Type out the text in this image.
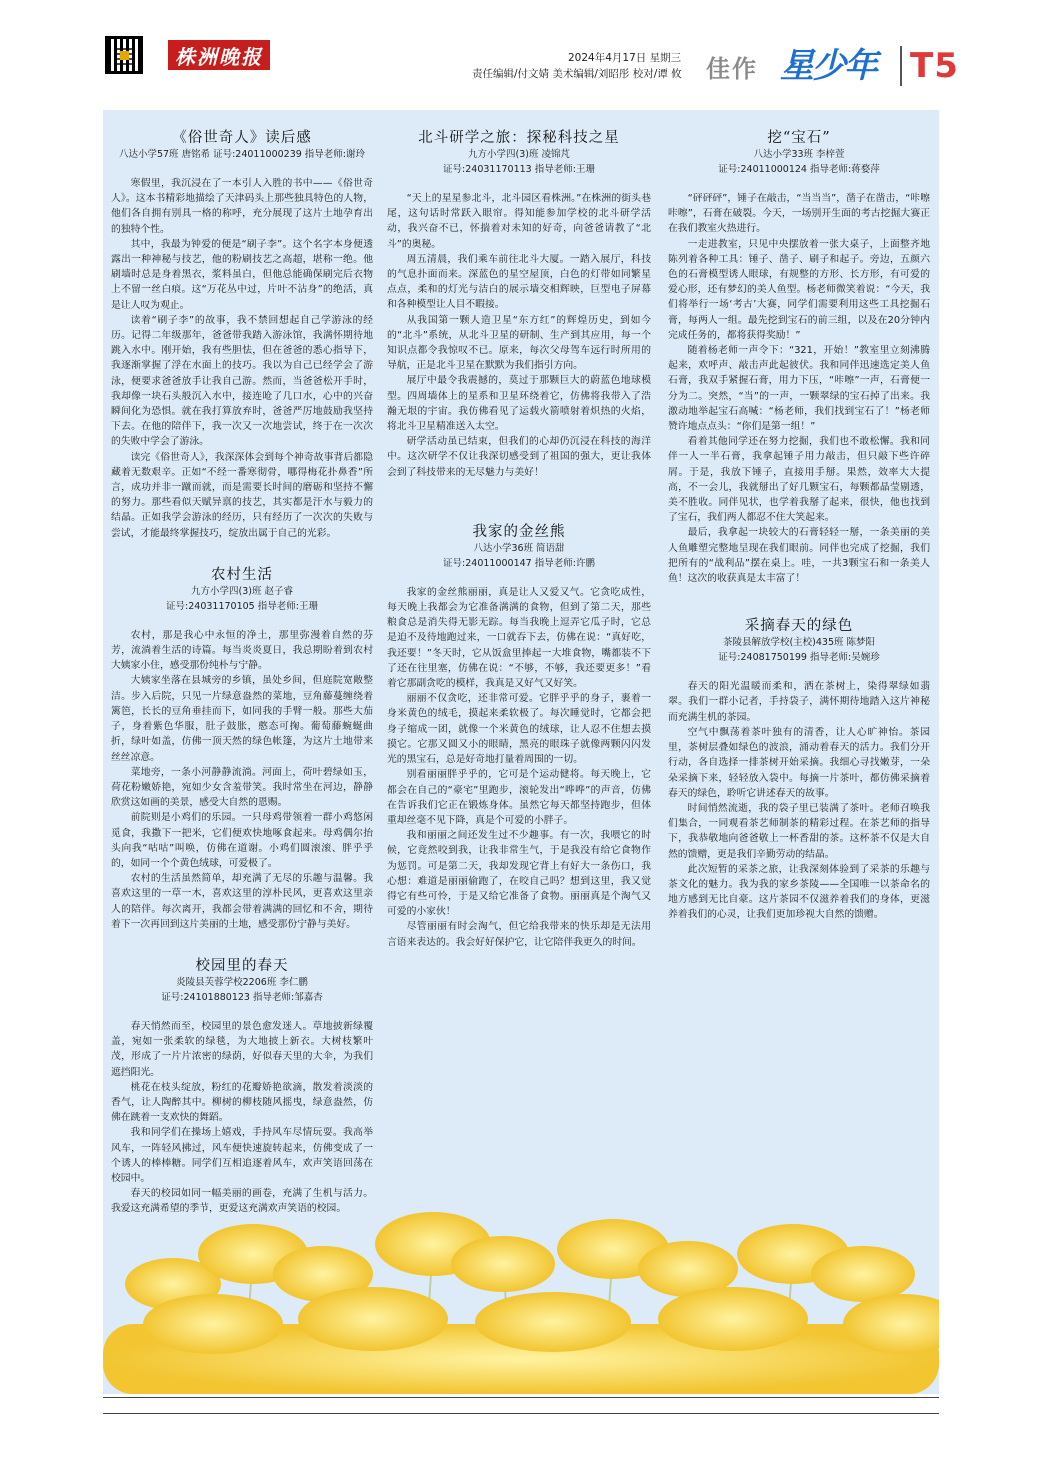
株洲晚报	2024年4月17日 星期三
责任编辑/付文婧 美术编辑/刘昭彤 校对/谭 攸 佳作 星少年 T5
《俗世奇人》读后感
八达小学57班 唐铭希 证号:24011000239 指导老师:谢玲

寒假里，我沉浸在了一本引人入胜的书中——《俗世奇人》。这本书精彩地描绘了天津码头上那些独具特色的人物，他们各自拥有别具一格的称呼，充分展现了这片土地孕育出的独特个性。

其中，我最为钟爱的便是“刷子李”。这个名字本身便透露出一种神秘与技艺，他的粉刷技艺之高超，堪称一绝。他刷墙时总是身着黑衣，浆料虽白，但他总能确保刷完后衣物上不留一丝白痕。这“万花丛中过，片叶不沾身”的绝活，真是让人叹为观止。

读着“刷子李”的故事，我不禁回想起自己学游泳的经历。记得二年级那年，爸爸带我踏入游泳馆，我满怀期待地跳入水中。刚开始，我有些胆怯，但在爸爸的悉心指导下，我逐渐掌握了浮在水面上的技巧。我以为自己已经学会了游泳，便要求爸爸放手让我自己游。然而，当爸爸松开手时，我却像一块石头般沉入水中，接连呛了几口水，心中的兴奋瞬间化为恐惧。就在我打算放弃时，爸爸严厉地鼓励我坚持下去。在他的陪伴下，我一次又一次地尝试，终于在一次次的失败中学会了游泳。

读完《俗世奇人》，我深深体会到每个神奇故事背后都隐藏着无数艰辛。正如“不经一番寒彻骨，哪得梅花扑鼻香”所言，成功并非一蹴而就，而是需要长时间的磨砺和坚持不懈的努力。那些看似天赋异禀的技艺，其实都是汗水与毅力的结晶。正如我学会游泳的经历，只有经历了一次次的失败与尝试，才能最终掌握技巧，绽放出属于自己的光彩。

农村生活
九方小学四(3)班 赵子睿
证号:24031170105 指导老师:王珊

农村，那是我心中永恒的净土，那里弥漫着自然的芬芳，流淌着生活的诗篇。每当炎炎夏日，我总期盼着到农村大姨家小住，感受那份纯朴与宁静。

大姨家坐落在县城旁的乡镇，虽处乡间，但庭院宽敞整洁。步入后院，只见一片绿意盎然的菜地，豆角藤蔓缠绕着篱笆，长长的豆角垂挂而下，如同我的手臂一般。那些大茄子，身着紫色华服，肚子鼓胀，憨态可掬。葡萄藤蜿蜒曲折，绿叶如盖，仿佛一顶天然的绿色帐篷，为这片土地带来丝丝凉意。

菜地旁，一条小河静静流淌。河面上，荷叶碧绿如玉，荷花粉嫩娇艳，宛如少女含羞带笑。我时常坐在河边，静静欣赏这如画的美景，感受大自然的恩赐。

前院则是小鸡们的乐园。一只母鸡带领着一群小鸡悠闲觅食，我撒下一把米，它们便欢快地啄食起来。母鸡偶尔抬头向我“咕咕”叫唤，仿佛在道谢。小鸡们圆滚滚、胖乎乎的，如同一个个黄色绒球，可爱极了。

农村的生活虽然简单，却充满了无尽的乐趣与温馨。我喜欢这里的一草一木，喜欢这里的淳朴民风，更喜欢这里亲人的陪伴。每次离开，我都会带着满满的回忆和不舍，期待着下一次再回到这片美丽的土地，感受那份宁静与美好。

校园里的春天
炎陵县芙蓉学校2206班 李仁鹏
证号:24101880123 指导老师:邹嘉杏

春天悄然而至，校园里的景色愈发迷人。草地披新绿覆盖，宛如一张柔软的绿毯，为大地披上新衣。大树枝繁叶茂，形成了一片片浓密的绿荫，好似春天里的大伞，为我们遮挡阳光。

桃花在枝头绽放，粉红的花瓣娇艳欲滴，散发着淡淡的香气，让人陶醉其中。柳树的柳枝随风摇曳，绿意盎然，仿佛在跳着一支欢快的舞蹈。

我和同学们在操场上嬉戏，手持风车尽情玩耍。我高举风车，一阵轻风拂过，风车便快速旋转起来，仿佛变成了一个诱人的棒棒糖。同学们互相追逐着风车，欢声笑语回荡在校园中。

春天的校园如同一幅美丽的画卷，充满了生机与活力。我爱这充满希望的季节，更爱这充满欢声笑语的校园。

北斗研学之旅：探秘科技之星
九方小学四(3)班 凌锦芃
证号:24031170113 指导老师:王珊

“天上的星星参北斗，北斗园区看株洲。”在株洲的街头巷尾，这句话时常跃入眼帘。得知能参加学校的北斗研学活动，我兴奋不已，怀揣着对未知的好奇，向爸爸请教了“北斗”的奥秘。

周五清晨，我们乘车前往北斗大厦。一踏入展厅，科技的气息扑面而来。深蓝色的星空屋顶，白色的灯带如同繁星点点，柔和的灯光与洁白的展示墙交相辉映，巨型电子屏幕和各种模型让人目不暇接。

从我国第一颗人造卫星“东方红”的辉煌历史，到如今的“北斗”系统，从北斗卫星的研制、生产到其应用，每一个知识点都令我惊叹不已。原来，每次父母驾车远行时所用的导航，正是北斗卫星在默默为我们指引方向。

展厅中最令我震撼的，莫过于那颗巨大的蔚蓝色地球模型。四周墙体上的星系和卫星环绕着它，仿佛将我带入了浩瀚无垠的宇宙。我仿佛看见了运载火箭喷射着炽热的火焰，将北斗卫星精准送入太空。

研学活动虽已结束，但我们的心却仍沉浸在科技的海洋中。这次研学不仅让我深切感受到了祖国的强大，更让我体会到了科技带来的无尽魅力与美好！

我家的金丝熊
八达小学36班 简语甜
证号:24011000147 指导老师:许鹏

我家的金丝熊丽丽，真是让人又爱又气。它贪吃成性，每天晚上我都会为它准备满满的食物，但到了第二天，那些粮食总是消失得无影无踪。每当我晚上逗弄它瓜子时，它总是迫不及待地跑过来，一口就吞下去，仿佛在说：“真好吃，我还要！”冬天时，它从饭盒里捧起一大堆食物，嘴都装不下了还在往里塞，仿佛在说：“不够，不够，我还要更多！”看着它那副贪吃的模样，我真是又好气又好笑。

丽丽不仅贪吃，还非常可爱。它胖乎乎的身子，裹着一身米黄色的绒毛，摸起来柔软极了。每次睡觉时，它都会把身子缩成一团，就像一个米黄色的绒球，让人忍不住想去摸摸它。它那又圆又小的眼睛，黑亮的眼珠子就像两颗闪闪发光的黑宝石，总是好奇地打量着周围的一切。

别看丽丽胖乎乎的，它可是个运动健将。每天晚上，它都会在自己的“豪宅”里跑步，滚轮发出“哗哗”的声音，仿佛在告诉我们它正在锻炼身体。虽然它每天都坚持跑步，但体重却丝毫不见下降，真是个可爱的小胖子。

我和丽丽之间还发生过不少趣事。有一次，我喂它的时候，它竟然咬到我，让我非常生气，于是我没有给它食物作为惩罚。可是第二天，我却发现它背上有好大一条伤口，我心想：难道是丽丽偷跑了，在咬自己吗？想到这里，我又觉得它有些可怜，于是又给它准备了食物。丽丽真是个淘气又可爱的小家伙！

尽管丽丽有时会淘气，但它给我带来的快乐却是无法用言语来表达的。我会好好保护它，让它陪伴我更久的时间。

挖“宝石”
八达小学33班 李梓萱
证号:24011000124 指导老师:蒋婺萍

“砰砰砰”，锤子在敲击，“当当当”，凿子在凿击，“咔嚓咔嚓”，石膏在破裂。今天，一场别开生面的考古挖掘大赛正在我们教室火热进行。

一走进教室，只见中央摆放着一张大桌子，上面整齐地陈列着各种工具：锤子、凿子、刷子和起子。旁边，五颜六色的石膏模型诱人眼球，有规整的方形、长方形，有可爱的爱心形，还有梦幻的美人鱼型。杨老师微笑着说：“今天，我们将举行一场‘考古’大赛，同学们需要利用这些工具挖掘石膏，每两人一组。最先挖到宝石的前三组，以及在20分钟内完成任务的，都将获得奖励！”

随着杨老师一声令下：“321，开始！”教室里立刻沸腾起来，欢呼声、敲击声此起彼伏。我和同伴迅速选定美人鱼石膏，我双手紧握石膏，用力下压，“咔嚓”一声，石膏便一分为二。突然，“当”的一声，一颗翠绿的宝石掉了出来。我激动地举起宝石高喊：“杨老师，我们找到宝石了！”杨老师赞许地点点头：“你们是第一组！”

看着其他同学还在努力挖掘，我们也不敢松懈。我和同伴一人一半石膏，我拿起锤子用力敲击，但只敲下些许碎屑。于是，我放下锤子，直接用手掰。果然，效率大大提高，不一会儿，我就掰出了好几颗宝石，每颗都晶莹剔透，美不胜收。同伴见状，也学着我掰了起来，很快，他也找到了宝石，我们两人都忍不住大笑起来。

最后，我拿起一块较大的石膏轻轻一掰，一条美丽的美人鱼雕塑完整地呈现在我们眼前。同伴也完成了挖掘，我们把所有的“战利品”摆在桌上。哇，一共3颗宝石和一条美人鱼！这次的收获真是太丰富了！

采摘春天的绿色
茶陵县解放学校(主校)435班 陈梦阳
证号:24081750199 指导老师:吴婉珍

春天的阳光温暖而柔和，洒在茶树上，染得翠绿如翡翠。我们一群小记者，手持袋子，满怀期待地踏入这片神秘而充满生机的茶园。

空气中飘荡着茶叶独有的清香，让人心旷神怡。茶园里，茶树层叠如绿色的波浪，涌动着春天的活力。我们分开行动，各自选择一排茶树开始采摘。我细心寻找嫩芽，一朵朵采摘下来，轻轻放入袋中。每摘一片茶叶，都仿佛采摘着春天的绿色，聆听它讲述春天的故事。

时间悄然流逝，我的袋子里已装满了茶叶。老师召唤我们集合，一同观看茶艺师制茶的精彩过程。在茶艺师的指导下，我恭敬地向爸爸敬上一杯香甜的茶。这杯茶不仅是大自然的馈赠，更是我们辛勤劳动的结晶。

此次短暂的采茶之旅，让我深刻体验到了采茶的乐趣与茶文化的魅力。我为我的家乡茶陵——全国唯一以茶命名的地方感到无比自豪。这片茶园不仅滋养着我们的身体，更滋养着我们的心灵，让我们更加珍视大自然的馈赠。
